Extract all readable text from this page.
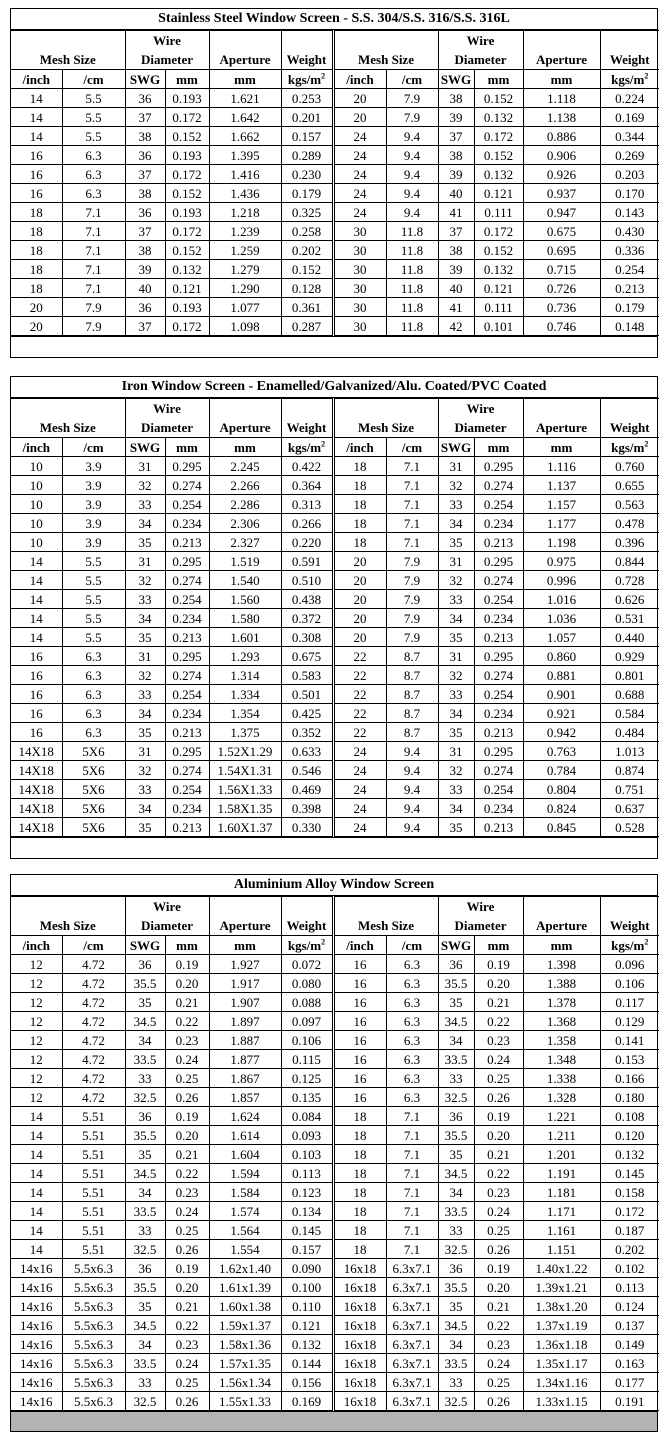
Stainless Steel Window Screen - S.S. 304/S.S. 316/S.S. 316L
		Wire						Wire			
Mesh Size		Diameter		Aperture	Weight	Mesh Size		Diameter		Aperture	Weight
/inch	/cm	SWG	mm	mm	kgs/$m^2$	/inch	/cm	SWG	mm	mm	kgs/$m^2$
14	5.5	36	0.193	1.621	0.253	20	7.9	38	0.152	1.118	0.224
14	5.5	37	0.172	1.642	0.201	20	7.9	39	0.132	1.138	0.169
14	5.5	38	0.152	1.662	0.157	24	9.4	37	0.172	0.886	0.344
16	6.3	36	0.193	1.395	0.289	24	9.4	38	0.152	0.906	0.269
16	6.3	37	0.172	1.416	0.230	24	9.4	39	0.132	0.926	0.203
16	6.3	38	0.152	1.436	0.179	24	9.4	40	0.121	0.937	0.170
18	7.1	36	0.193	1.218	0.325	24	9.4	41	0.111	0.947	0.143
18	7.1	37	0.172	1.239	0.258	30	11.8	37	0.172	0.675	0.430
18	7.1	38	0.152	1.259	0.202	30	11.8	38	0.152	0.695	0.336
18	7.1	39	0.132	1.279	0.152	30	11.8	39	0.132	0.715	0.254
18	7.1	40	0.121	1.290	0.128	30	11.8	40	0.121	0.726	0.213
20	7.9	36	0.193	1.077	0.361	30	11.8	41	0.111	0.736	0.179
20	7.9	37	0.172	1.098	0.287	30	11.8	42	0.101	0.746	0.148
Iron Window Screen - Enamelled/Galvanized/Alu. Coated/PVC Coated
		Wire						Wire			
Mesh Size		Diameter		Aperture	Weight	Mesh Size		Diameter		Aperture	Weight
/inch	/cm	SWG	mm	mm	kgs/$m^2$	/inch	/cm	SWG	mm	mm	kgs/$m^2$
10	3.9	31	0.295	2.245	0.422	18	7.1	31	0.295	1.116	0.760
10	3.9	32	0.274	2.266	0.364	18	7.1	32	0.274	1.137	0.655
10	3.9	33	0.254	2.286	0.313	18	7.1	33	0.254	1.157	0.563
10	3.9	34	0.234	2.306	0.266	18	7.1	34	0.234	1.177	0.478
10	3.9	35	0.213	2.327	0.220	18	7.1	35	0.213	1.198	0.396
14	5.5	31	0.295	1.519	0.591	20	7.9	31	0.295	0.975	0.844
14	5.5	32	0.274	1.540	0.510	20	7.9	32	0.274	0.996	0.728
14	5.5	33	0.254	1.560	0.438	20	7.9	33	0.254	1.016	0.626
14	5.5	34	0.234	1.580	0.372	20	7.9	34	0.234	1.036	0.531
14	5.5	35	0.213	1.601	0.308	20	7.9	35	0.213	1.057	0.440
16	6.3	31	0.295	1.293	0.675	22	8.7	31	0.295	0.860	0.929
16	6.3	32	0.274	1.314	0.583	22	8.7	32	0.274	0.881	0.801
16	6.3	33	0.254	1.334	0.501	22	8.7	33	0.254	0.901	0.688
16	6.3	34	0.234	1.354	0.425	22	8.7	34	0.234	0.921	0.584
16	6.3	35	0.213	1.375	0.352	22	8.7	35	0.213	0.942	0.484
14X18	5X6	31	0.295	1.52X1.29	0.633	24	9.4	31	0.295	0.763	1.013
14X18	5X6	32	0.274	1.54X1.31	0.546	24	9.4	32	0.274	0.784	0.874
14X18	5X6	33	0.254	1.56X1.33	0.469	24	9.4	33	0.254	0.804	0.751
14X18	5X6	34	0.234	1.58X1.35	0.398	24	9.4	34	0.234	0.824	0.637
14X18	5X6	35	0.213	1.60X1.37	0.330	24	9.4	35	0.213	0.845	0.528
Aluminium Alloy Window Screen
		Wire						Wire			
Mesh Size		Diameter		Aperture	Weight	Mesh Size		Diameter		Aperture	Weight
/inch	/cm	SWG	mm	mm	kgs/$m^2$	/inch	/cm	SWG	mm	mm	kgs/$m^2$
12	4.72	36	0.19	1.927	0.072	16	6.3	36	0.19	1.398	0.096
12	4.72	35.5	0.20	1.917	0.080	16	6.3	35.5	0.20	1.388	0.106
12	4.72	35	0.21	1.907	0.088	16	6.3	35	0.21	1.378	0.117
12	4.72	34.5	0.22	1.897	0.097	16	6.3	34.5	0.22	1.368	0.129
12	4.72	34	0.23	1.887	0.106	16	6.3	34	0.23	1.358	0.141
12	4.72	33.5	0.24	1.877	0.115	16	6.3	33.5	0.24	1.348	0.153
12	4.72	33	0.25	1.867	0.125	16	6.3	33	0.25	1.338	0.166
12	4.72	32.5	0.26	1.857	0.135	16	6.3	32.5	0.26	1.328	0.180
14	5.51	36	0.19	1.624	0.084	18	7.1	36	0.19	1.221	0.108
14	5.51	35.5	0.20	1.614	0.093	18	7.1	35.5	0.20	1.211	0.120
14	5.51	35	0.21	1.604	0.103	18	7.1	35	0.21	1.201	0.132
14	5.51	34.5	0.22	1.594	0.113	18	7.1	34.5	0.22	1.191	0.145
14	5.51	34	0.23	1.584	0.123	18	7.1	34	0.23	1.181	0.158
14	5.51	33.5	0.24	1.574	0.134	18	7.1	33.5	0.24	1.171	0.172
14	5.51	33	0.25	1.564	0.145	18	7.1	33	0.25	1.161	0.187
14	5.51	32.5	0.26	1.554	0.157	18	7.1	32.5	0.26	1.151	0.202
14x16	5.5x6.3	36	0.19	1.62x1.40	0.090	16x18	6.3x7.1	36	0.19	1.40x1.22	0.102
14x16	5.5x6.3	35.5	0.20	1.61x1.39	0.100	16x18	6.3x7.1	35.5	0.20	1.39x1.21	0.113
14x16	5.5x6.3	35	0.21	1.60x1.38	0.110	16x18	6.3x7.1	35	0.21	1.38x1.20	0.124
14x16	5.5x6.3	34.5	0.22	1.59x1.37	0.121	16x18	6.3x7.1	34.5	0.22	1.37x1.19	0.137
14x16	5.5x6.3	34	0.23	1.58x1.36	0.132	16x18	6.3x7.1	34	0.23	1.36x1.18	0.149
14x16	5.5x6.3	33.5	0.24	1.57x1.35	0.144	16x18	6.3x7.1	33.5	0.24	1.35x1.17	0.163
14x16	5.5x6.3	33	0.25	1.56x1.34	0.156	16x18	6.3x7.1	33	0.25	1.34x1.16	0.177
14x16	5.5x6.3	32.5	0.26	1.55x1.33	0.169	16x18	6.3x7.1	32.5	0.26	1.33x1.15	0.191
